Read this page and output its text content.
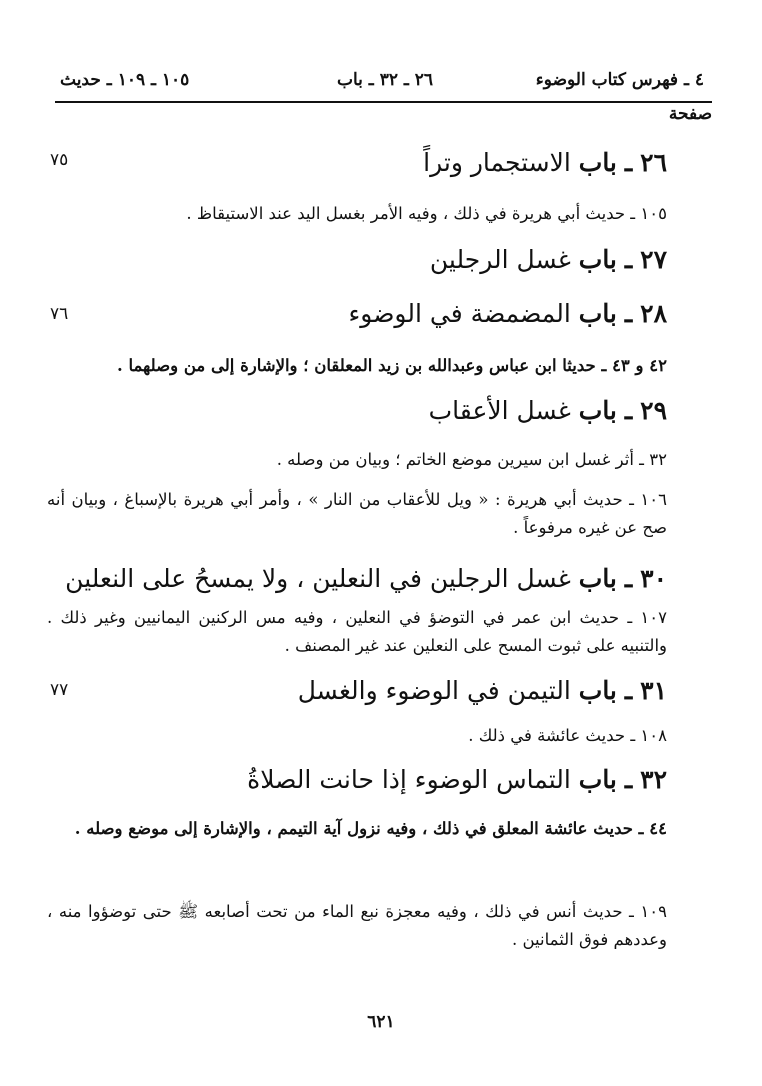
٤ ـ فهرس كتاب الوضوء
٢٦ ـ ٣٢ ـ باب
١٠٥ ـ ١٠٩ ـ حديث
صفحة
٢٦ ـ باب الاستجمار وتراً
٧٥
١٠٥ ـ حديث أبي هريرة في ذلك ، وفيه الأمر بغسل اليد عند الاستيقاظ .
٢٧ ـ باب غسل الرجلين
٢٨ ـ باب المضمضة في الوضوء
٧٦
٤٢ و ٤٣ ـ حديثا ابن عباس وعبدالله بن زيد المعلقان ؛ والإشارة إلى من وصلهما .
٢٩ ـ باب غسل الأعقاب
٣٢ ـ أثر غسل ابن سيرين موضع الخاتم ؛ وبيان من وصله .
١٠٦ ـ حديث أبي هريرة : « ويل للأعقاب من النار » ، وأمر أبي هريرة بالإسباغ ، وبيان أنه صح عن غيره مرفوعاً .
٣٠ ـ باب غسل الرجلين في النعلين ، ولا يمسحُ على النعلين
١٠٧ ـ حديث ابن عمر في التوضؤ في النعلين ، وفيه مس الركنين اليمانيين وغير ذلك . والتنبيه على ثبوت المسح على النعلين عند غير المصنف .
٣١ ـ باب التيمن في الوضوء والغسل
٧٧
١٠٨ ـ حديث عائشة في ذلك .
٣٢ ـ باب التماس الوضوء إذا حانت الصلاةُ
٤٤ ـ حديث عائشة المعلق في ذلك ، وفيه نزول آية التيمم ، والإشارة إلى موضع وصله .
١٠٩ ـ حديث أنس في ذلك ، وفيه معجزة نبع الماء من تحت أصابعه ﷺ حتى توضؤوا منه ، وعددهم فوق الثمانين .
٦٢١
